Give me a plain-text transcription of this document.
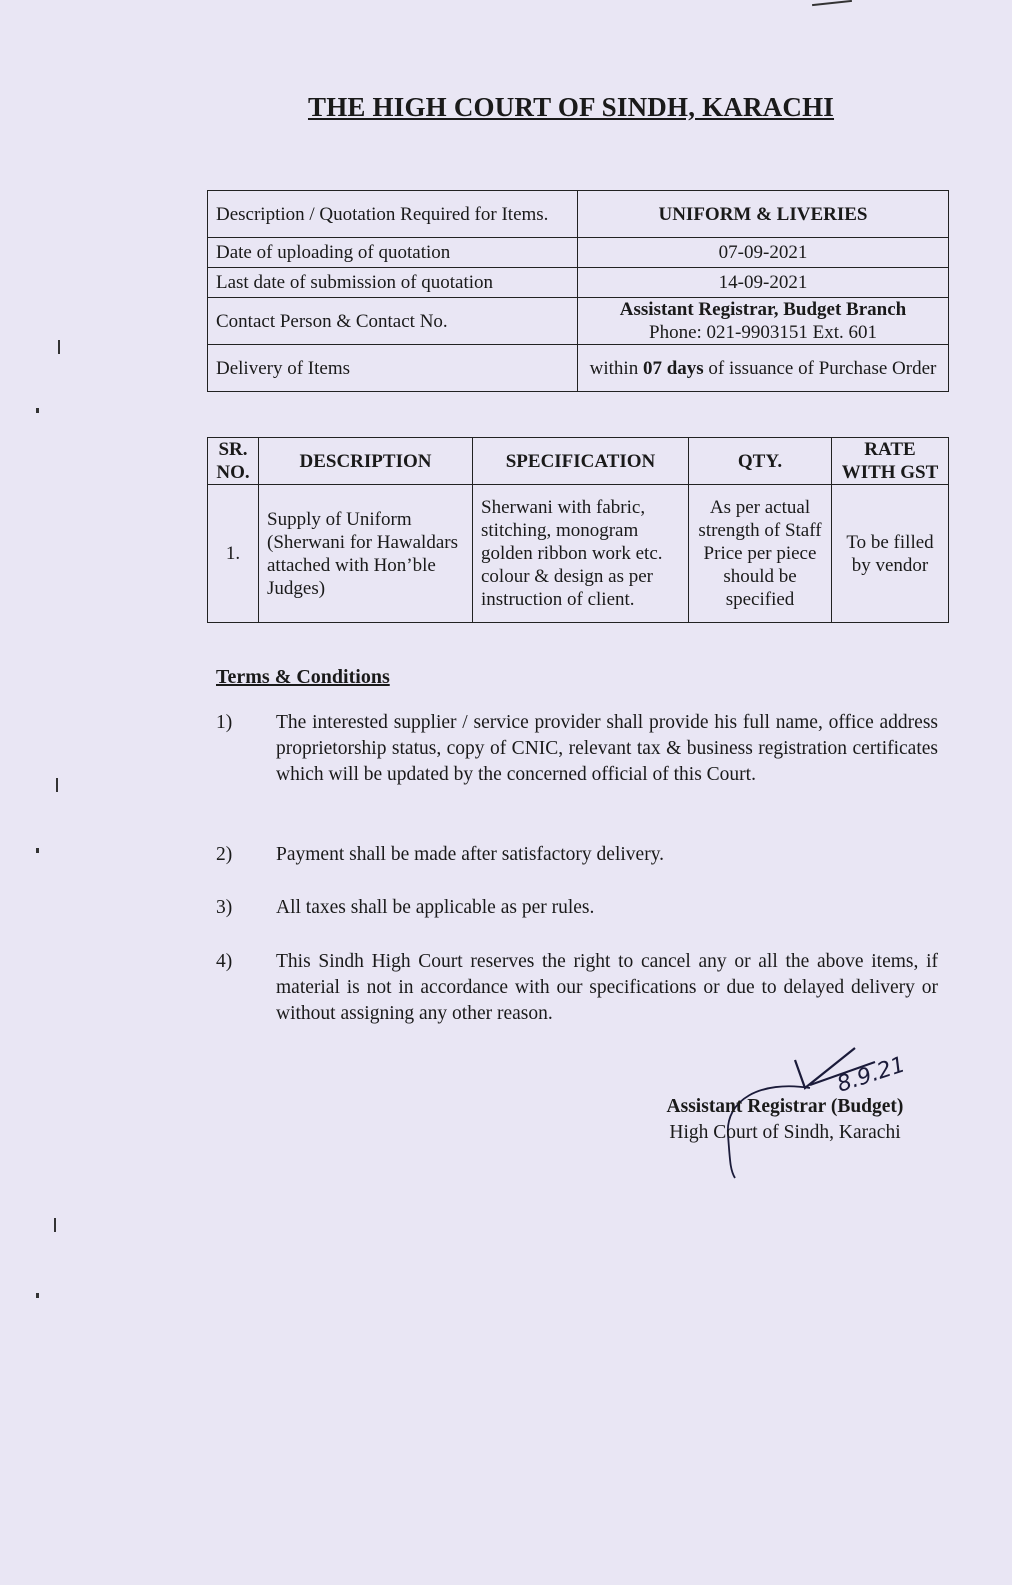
THE HIGH COURT OF SINDH, KARACHI
Description / Quotation Required for Items.	UNIFORM & LIVERIES
Date of uploading of quotation	07-09-2021
Last date of submission of quotation	14-09-2021
Contact Person & Contact No.	Assistant Registrar, Budget Branch
Phone: 021-9903151 Ext. 601

Delivery of Items	within 07 days of issuance of Purchase Order
SR. NO.	DESCRIPTION	SPECIFICATION	QTY.	RATE WITH GST
1.	Supply of Uniform (Sherwani for Hawaldars attached with Hon’ble Judges)	Sherwani with fabric, stitching, monogram golden ribbon work etc. colour & design as per instruction of client.	As per actual strength of Staff Price per piece should be specified	To be filled by vendor
Terms & Conditions
1) The interested supplier / service provider shall provide his full name, office address proprietorship status, copy of CNIC, relevant tax & business registration certificates which will be updated by the concerned official of this Court.
2) Payment shall be made after satisfactory delivery.
3) All taxes shall be applicable as per rules.
4) This Sindh High Court reserves the right to cancel any or all the above items, if material is not in accordance with our specifications or due to delayed delivery or without assigning any other reason.
8.9.21
Assistant Registrar (Budget)
High Court of Sindh, Karachi
